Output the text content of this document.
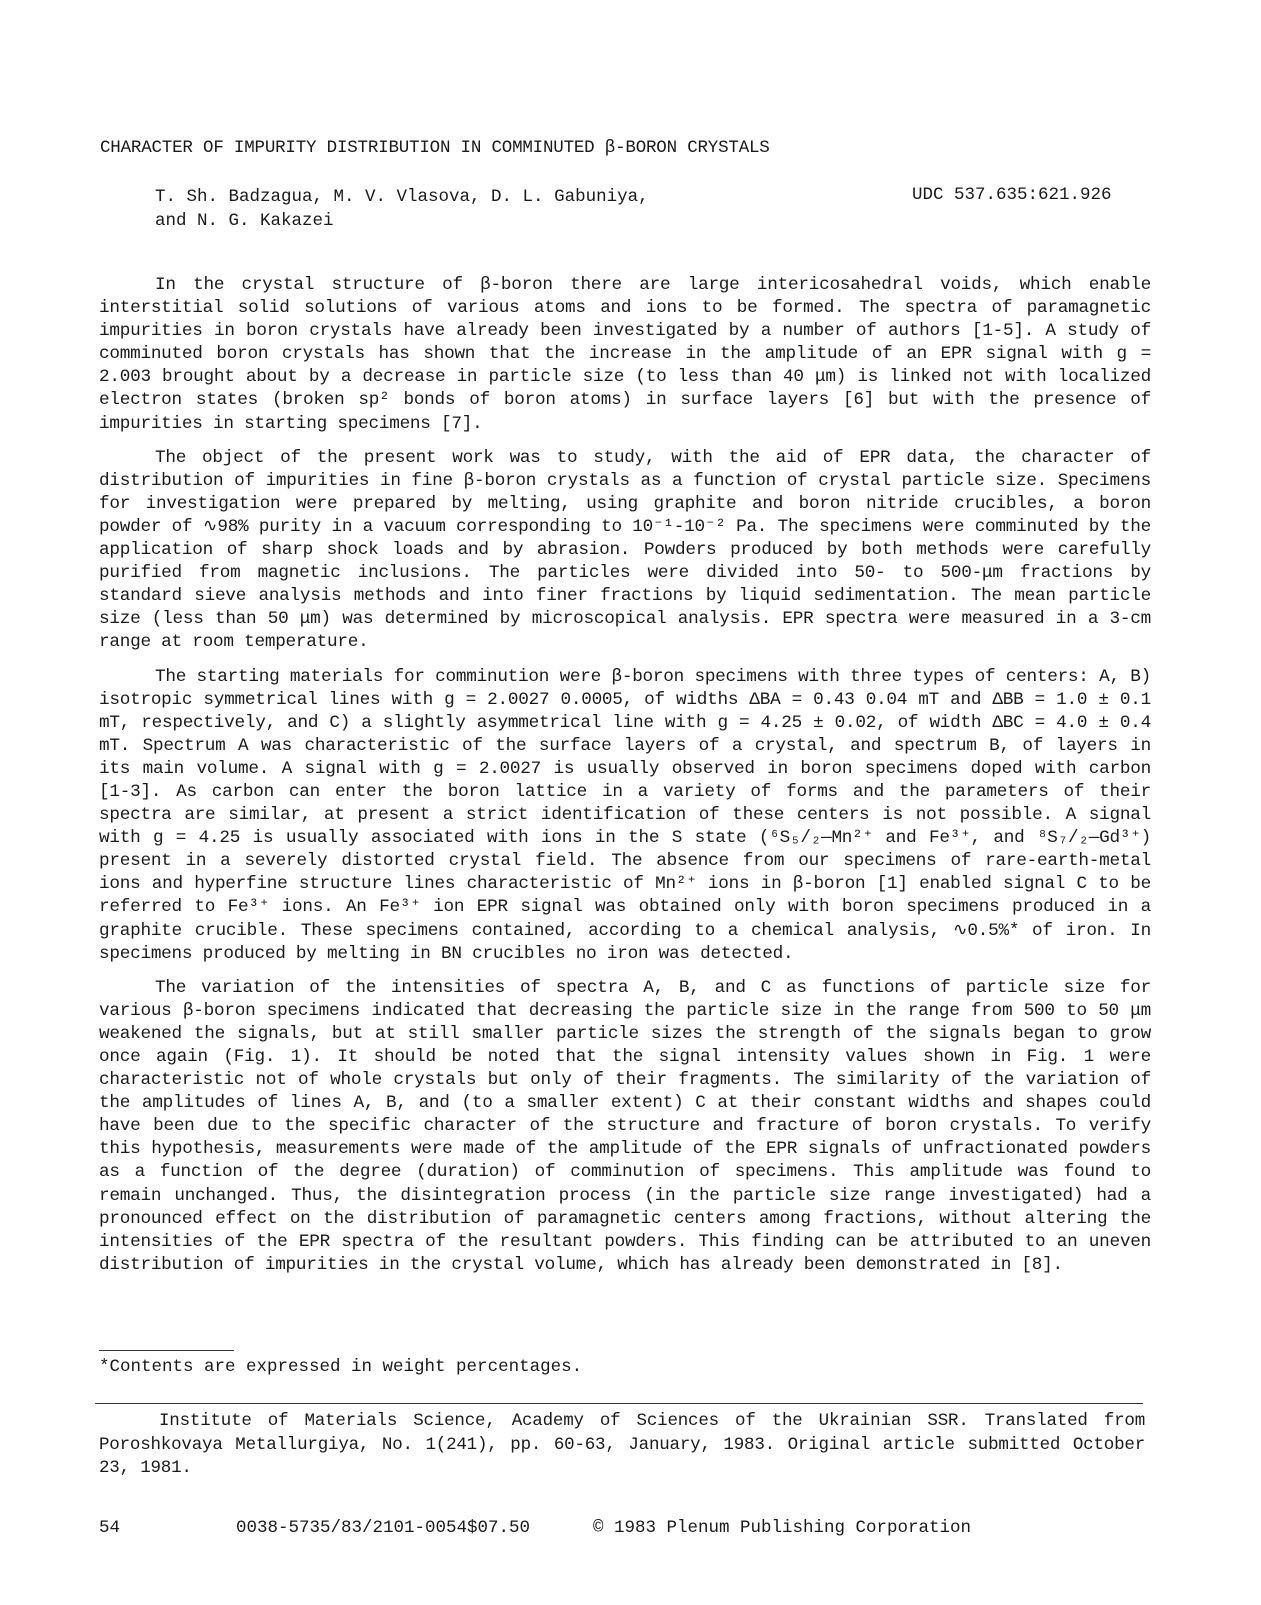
CHARACTER OF IMPURITY DISTRIBUTION IN COMMINUTED β-BORON CRYSTALS
T. Sh. Badzagua, M. V. Vlasova, D. L. Gabuniya,
and N. G. Kakazei
UDC 537.635:621.926

In the crystal structure of β-boron there are large intericosahedral voids, which enable interstitial solid solutions of various atoms and ions to be formed. The spectra of paramagnetic impurities in boron crystals have already been investigated by a number of authors [1-5]. A study of comminuted boron crystals has shown that the increase in the amplitude of an EPR signal with g = 2.003 brought about by a decrease in particle size (to less than 40 μm) is linked not with localized electron states (broken sp² bonds of boron atoms) in surface layers [6] but with the presence of impurities in starting specimens [7].

The object of the present work was to study, with the aid of EPR data, the character of distribution of impurities in fine β-boron crystals as a function of crystal particle size. Specimens for investigation were prepared by melting, using graphite and boron nitride crucibles, a boron powder of ∿98% purity in a vacuum corresponding to 10⁻¹-10⁻² Pa. The specimens were comminuted by the application of sharp shock loads and by abrasion. Powders produced by both methods were carefully purified from magnetic inclusions. The particles were divided into 50- to 500-μm fractions by standard sieve analysis methods and into finer fractions by liquid sedimentation. The mean particle size (less than 50 μm) was determined by microscopical analysis. EPR spectra were measured in a 3-cm range at room temperature.

The starting materials for comminution were β-boron specimens with three types of centers: A, B) isotropic symmetrical lines with g = 2.0027 0.0005, of widths ΔBA = 0.43 0.04 mT and ΔBB = 1.0 ± 0.1 mT, respectively, and C) a slightly asymmetrical line with g = 4.25 ± 0.02, of width ΔBC = 4.0 ± 0.4 mT. Spectrum A was characteristic of the surface layers of a crystal, and spectrum B, of layers in its main volume. A signal with g = 2.0027 is usually observed in boron specimens doped with carbon [1-3]. As carbon can enter the boron lattice in a variety of forms and the parameters of their spectra are similar, at present a strict identification of these centers is not possible. A signal with g = 4.25 is usually associated with ions in the S state (⁶S₅/₂—Mn²⁺ and Fe³⁺, and ⁸S₇/₂—Gd³⁺) present in a severely distorted crystal field. The absence from our specimens of rare-earth-metal ions and hyperfine structure lines characteristic of Mn²⁺ ions in β-boron [1] enabled signal C to be referred to Fe³⁺ ions. An Fe³⁺ ion EPR signal was obtained only with boron specimens produced in a graphite crucible. These specimens contained, according to a chemical analysis, ∿0.5%* of iron. In specimens produced by melting in BN crucibles no iron was detected.

The variation of the intensities of spectra A, B, and C as functions of particle size for various β-boron specimens indicated that decreasing the particle size in the range from 500 to 50 μm weakened the signals, but at still smaller particle sizes the strength of the signals began to grow once again (Fig. 1). It should be noted that the signal intensity values shown in Fig. 1 were characteristic not of whole crystals but only of their fragments. The similarity of the variation of the amplitudes of lines A, B, and (to a smaller extent) C at their constant widths and shapes could have been due to the specific character of the structure and fracture of boron crystals. To verify this hypothesis, measurements were made of the amplitude of the EPR signals of unfractionated powders as a function of the degree (duration) of comminution of specimens. This amplitude was found to remain unchanged. Thus, the disintegration process (in the particle size range investigated) had a pronounced effect on the distribution of paramagnetic centers among fractions, without altering the intensities of the EPR spectra of the resultant powders. This finding can be attributed to an uneven distribution of impurities in the crystal volume, which has already been demonstrated in [8].

*Contents are expressed in weight percentages.

Institute of Materials Science, Academy of Sciences of the Ukrainian SSR. Translated from Poroshkovaya Metallurgiya, No. 1(241), pp. 60-63, January, 1983. Original article submitted October 23, 1981.

54	0038-5735/83/2101-0054$07.50	© 1983 Plenum Publishing Corporation
